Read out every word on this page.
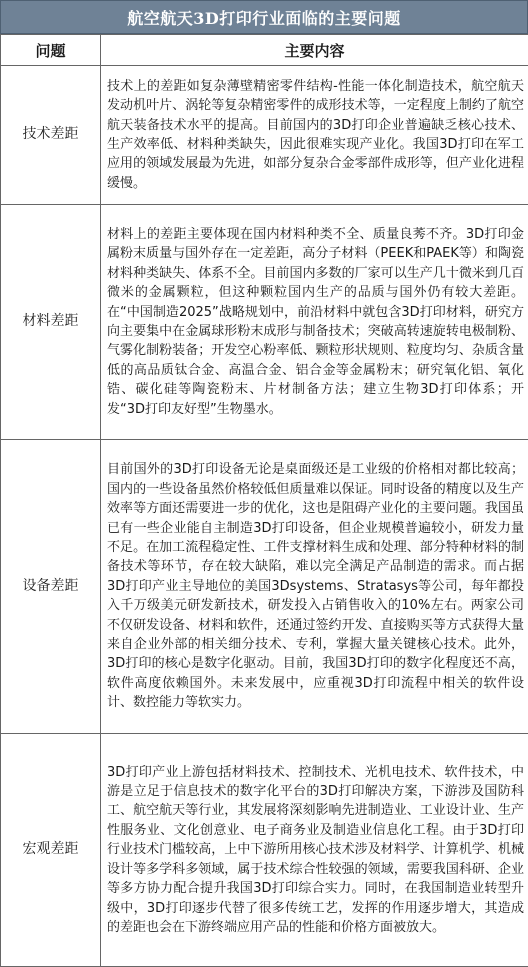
航空航天3D打印行业面临的主要问题
问题	主要内容
技术差距	技术上的差距如复杂薄壁精密零件结构-性能一体化制造技术，航空航天发动机叶片、涡轮等复杂精密零件的成形技术等，一定程度上制约了航空航天装备技术水平的提高。目前国内的3D打印企业普遍缺乏核心技术、生产效率低、材料种类缺失，因此很难实现产业化。我国3D打印在军工应用的领域发展最为先进，如部分复杂合金零部件成形等，但产业化进程缓慢。
材料差距	材料上的差距主要体现在国内材料种类不全、质量良莠不齐。3D打印金属粉末质量与国外存在一定差距，高分子材料（PEEK和PAEK等）和陶瓷材料种类缺失、体系不全。目前国内多数的厂家可以生产几十微米到几百微米的金属颗粒，但这种颗粒国内生产的品质与国外仍有较大差距。在“中国制造2025”战略规划中，前沿材料中就包含3D打印材料，研究方向主要集中在金属球形粉末成形与制备技术；突破高转速旋转电极制粉、气雾化制粉装备；开发空心粉率低、颗粒形状规则、粒度均匀、杂质含量低的高品质钛合金、高温合金、铝合金等金属粉末；研究氧化铝、氧化锆、碳化硅等陶瓷粉末、片材制备方法；建立生物3D打印体系；开发“3D打印友好型”生物墨水。
设备差距	目前国外的3D打印设备无论是桌面级还是工业级的价格相对都比较高；国内的一些设备虽然价格较低但质量难以保证。同时设备的精度以及生产效率等方面还需要进一步的优化，这也是阻碍产业化的主要问题。我国虽已有一些企业能自主制造3D打印设备，但企业规模普遍较小，研发力量不足。在加工流程稳定性、工件支撑材料生成和处理、部分特种材料的制备技术等环节，存在较大缺陷，难以完全满足产品制造的需求。而占据3D打印产业主导地位的美国3Dsystems、Stratasys等公司，每年都投入千万级美元研发新技术，研发投入占销售收入的10%左右。两家公司不仅研发设备、材料和软件，还通过签约开发、直接购买等方式获得大量来自企业外部的相关细分技术、专利，掌握大量关键核心技术。此外，3D打印的核心是数字化驱动。目前，我国3D打印的数字化程度还不高，软件高度依赖国外。未来发展中，应重视3D打印流程中相关的软件设计、数控能力等软实力。
宏观差距	3D打印产业上游包括材料技术、控制技术、光机电技术、软件技术，中游是立足于信息技术的数字化平台的3D打印解决方案，下游涉及国防科工、航空航天等行业，其发展将深刻影响先进制造业、工业设计业、生产性服务业、文化创意业、电子商务业及制造业信息化工程。由于3D打印行业技术门槛较高，上中下游所用核心技术涉及材料学、计算机学、机械设计等多学科多领域，属于技术综合性较强的领域，需要我国科研、企业等多方协力配合提升我国3D打印综合实力。同时，在我国制造业转型升级中，3D打印逐步代替了很多传统工艺，发挥的作用逐步增大，其造成的差距也会在下游终端应用产品的性能和价格方面被放大。
